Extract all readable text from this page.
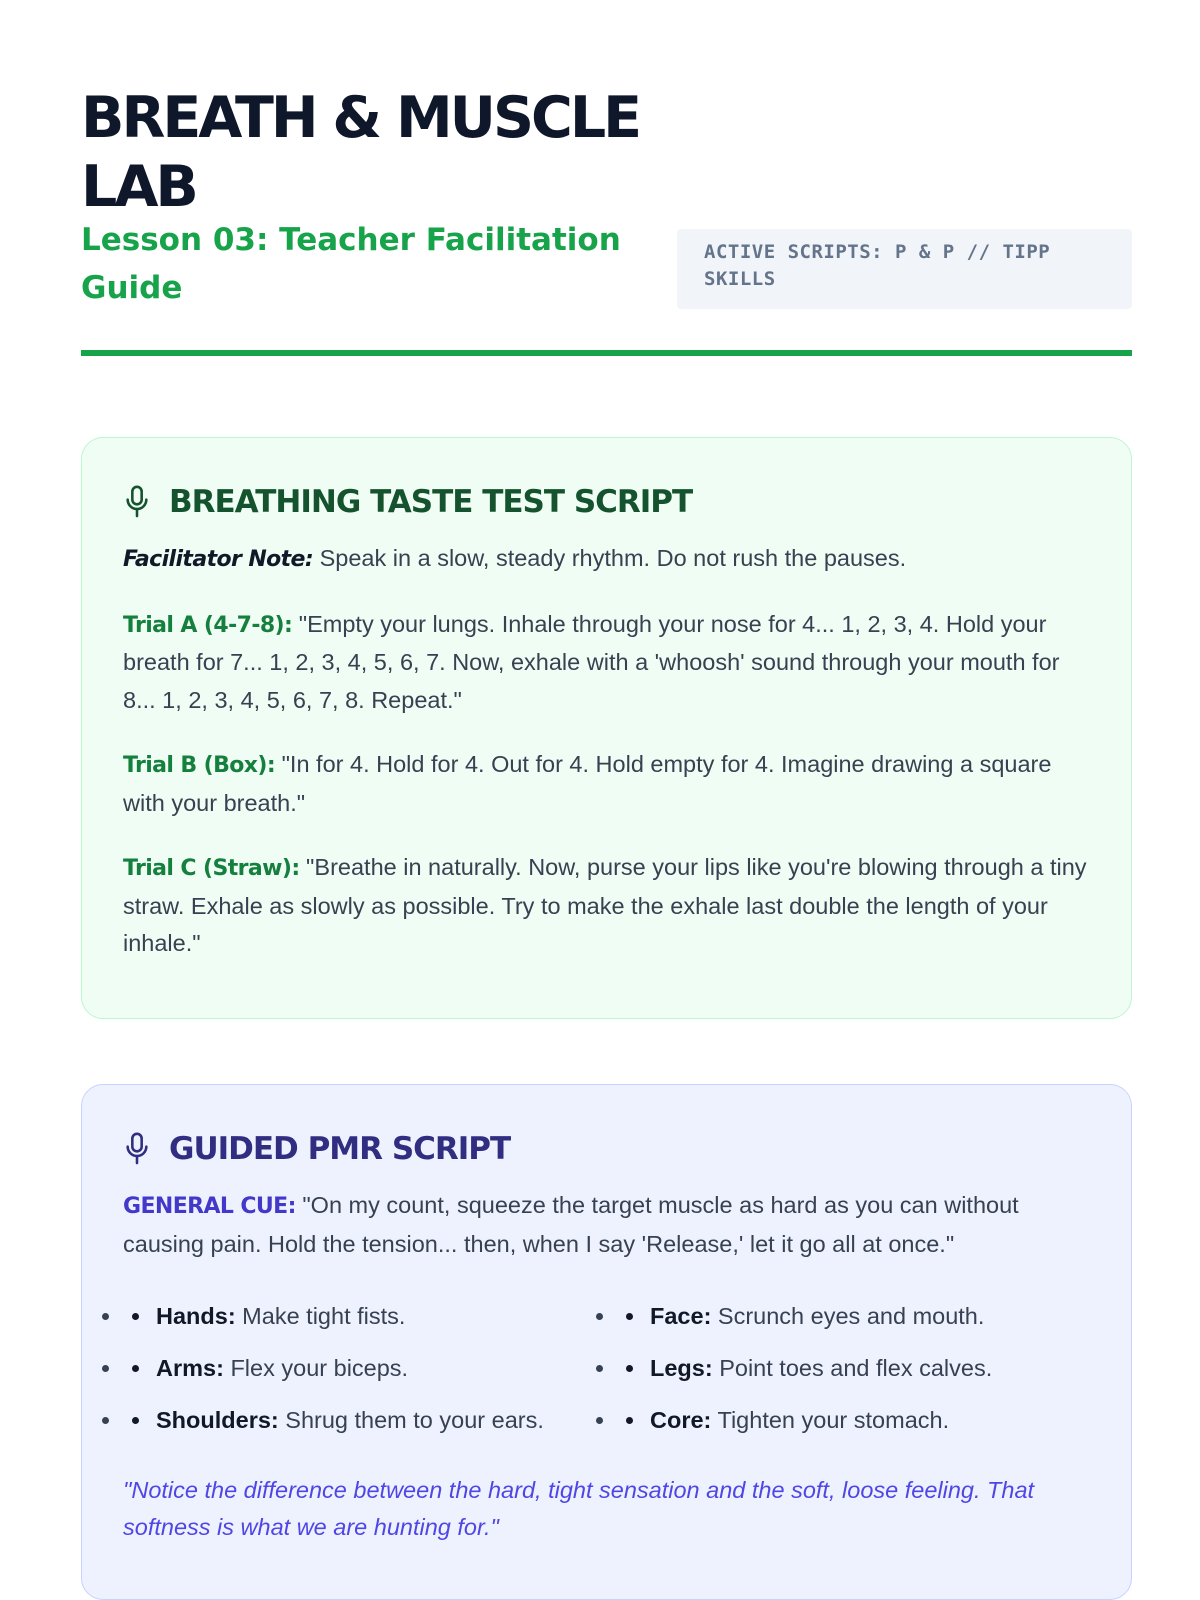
BREATH & MUSCLE LAB
Lesson 03: Teacher Facilitation Guide
ACTIVE SCRIPTS: P & P // TIPP SKILLS
BREATHING TASTE TEST SCRIPT

Facilitator Note: Speak in a slow, steady rhythm. Do not rush the pauses.

Trial A (4-7-8): "Empty your lungs. Inhale through your nose for 4... 1, 2, 3, 4. Hold your breath for 7... 1, 2, 3, 4, 5, 6, 7. Now, exhale with a 'whoosh' sound through your mouth for 8... 1, 2, 3, 4, 5, 6, 7, 8. Repeat."

Trial B (Box): "In for 4. Hold for 4. Out for 4. Hold empty for 4. Imagine drawing a square with your breath."

Trial C (Straw): "Breathe in naturally. Now, purse your lips like you're blowing through a tiny straw. Exhale as slowly as possible. Try to make the exhale last double the length of your inhale."

GUIDED PMR SCRIPT

GENERAL CUE: "On my count, squeeze the target muscle as hard as you can without causing pain. Hold the tension... then, when I say 'Release,' let it go all at once."

• Hands: Make tight fists.	• Face: Scrunch eyes and mouth.
• Arms: Flex your biceps.	• Legs: Point toes and flex calves.
• Shoulders: Shrug them to your ears.	• Core: Tighten your stomach.

"Notice the difference between the hard, tight sensation and the soft, loose feeling. That softness is what we are hunting for."
